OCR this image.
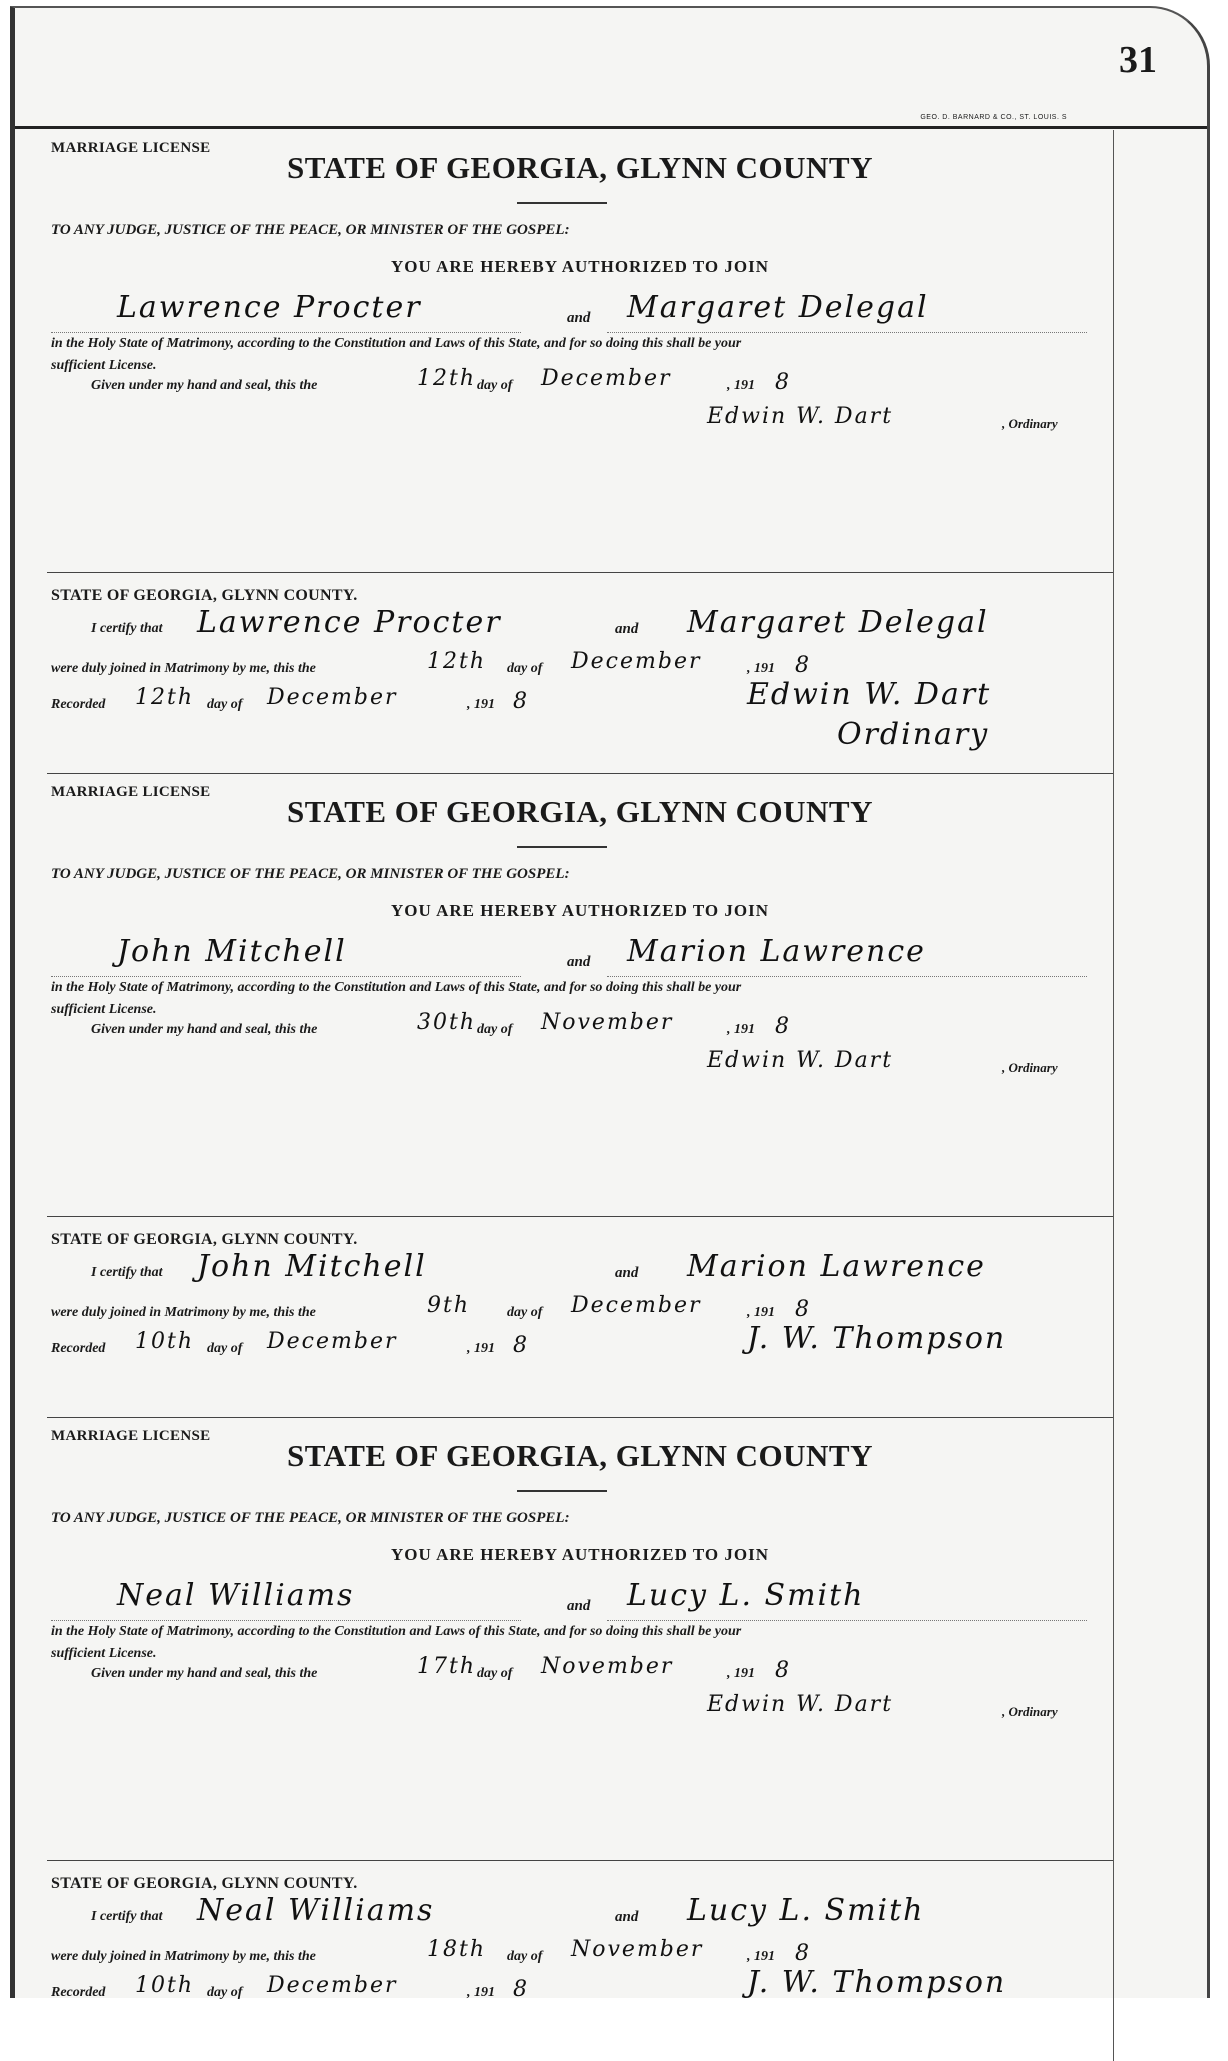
31
GEO. D. BARNARD & CO., ST. LOUIS. S
MARRIAGE LICENSE
STATE OF GEORGIA, GLYNN COUNTY
TO ANY JUDGE, JUSTICE OF THE PEACE, OR MINISTER OF THE GOSPEL:
YOU ARE HEREBY AUTHORIZED TO JOIN
Lawrence Procter	and Margaret Delegal
in the Holy State of Matrimony, according to the Constitution and Laws of this State, and for so doing this shall be your
sufficient License.
Given under my hand and seal, this the	12th day of December	, 191 8
Edwin W. Dart	, Ordinary
STATE OF GEORGIA, GLYNN COUNTY.
I certify that Lawrence Procter	and Margaret Delegal
were duly joined in Matrimony by me, this the	12th day of December	, 191 8
Recorded 12th day of December	, 191 8	Edwin W. Dart
Ordinary
MARRIAGE LICENSE
STATE OF GEORGIA, GLYNN COUNTY
TO ANY JUDGE, JUSTICE OF THE PEACE, OR MINISTER OF THE GOSPEL:
YOU ARE HEREBY AUTHORIZED TO JOIN
John Mitchell	and Marion Lawrence
in the Holy State of Matrimony, according to the Constitution and Laws of this State, and for so doing this shall be your
sufficient License.
Given under my hand and seal, this the	30th day of November	, 191 8
Edwin W. Dart	, Ordinary
STATE OF GEORGIA, GLYNN COUNTY.
I certify that John Mitchell	and Marion Lawrence
were duly joined in Matrimony by me, this the	9th	day of December	, 191 8
Recorded 10th day of December	, 191 8	J. W. Thompson
MARRIAGE LICENSE
STATE OF GEORGIA, GLYNN COUNTY
TO ANY JUDGE, JUSTICE OF THE PEACE, OR MINISTER OF THE GOSPEL:
YOU ARE HEREBY AUTHORIZED TO JOIN
Neal Williams	and Lucy L. Smith
in the Holy State of Matrimony, according to the Constitution and Laws of this State, and for so doing this shall be your
sufficient License.
Given under my hand and seal, this the	17th day of November	, 191 8
Edwin W. Dart	, Ordinary
STATE OF GEORGIA, GLYNN COUNTY.
I certify that Neal Williams	and Lucy L. Smith
were duly joined in Matrimony by me, this the	18th day of November	, 191 8
Recorded 10th day of December	, 191 8	J. W. Thompson
